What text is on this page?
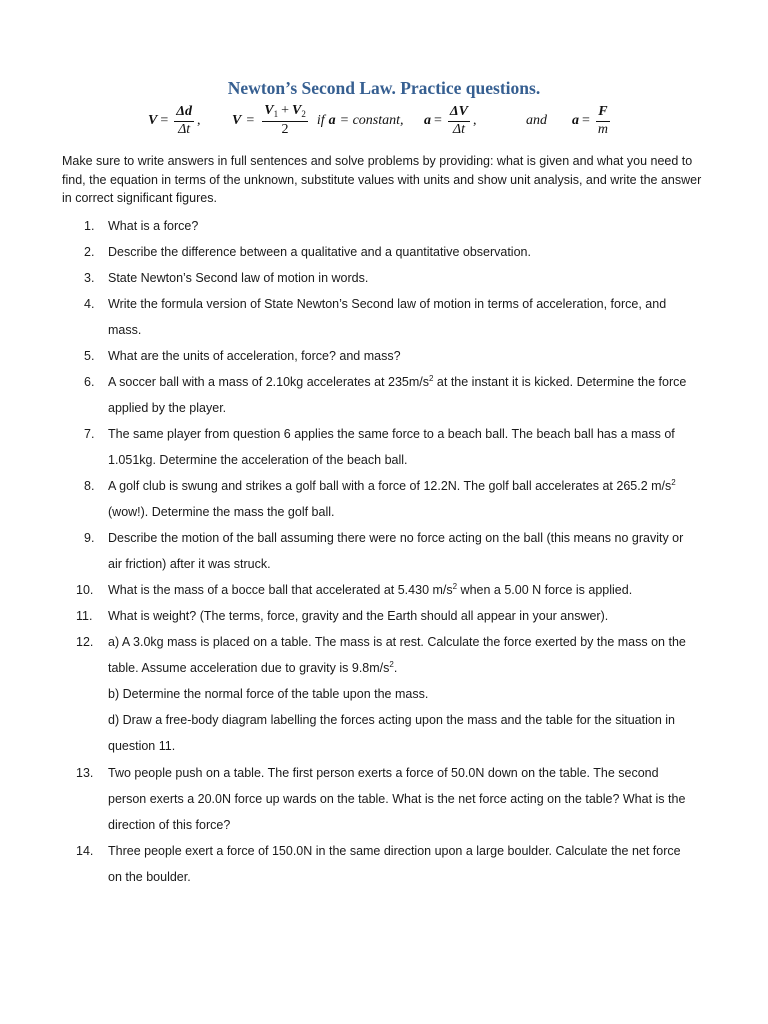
Newton’s Second Law. Practice questions.
$V = \frac{\Delta d}{\Delta t}$ , $V = \frac{V_1 + V_2}{2}$ if a = constant, $a = \frac{\Delta V}{\Delta t}$ ,	and $a = \frac{F}{m}$

Make sure to write answers in full sentences and solve problems by providing: what is given and what you need to find, the equation in terms of the unknown, substitute values with units and show unit analysis, and write the answer in correct significant figures.

1.	What is a force?
2.	Describe the difference between a qualitative and a quantitative observation.
3.	State Newton’s Second law of motion in words.
4.	Write the formula version of State Newton’s Second law of motion in terms of acceleration, force, and
mass.
5.	What are the units of acceleration, force? and mass?
6.	A soccer ball with a mass of 2.10kg accelerates at $235m/s^2$ at the instant it is kicked. Determine the force
applied by the player.
7.	The same player from question 6 applies the same force to a beach ball. The beach ball has a mass of
1.051kg. Determine the acceleration of the beach ball.
8.	A golf club is swung and strikes a golf ball with a force of 12.2N. The golf ball accelerates at 265.2 $m/s^2$
(wow!). Determine the mass the golf ball.
9.	Describe the motion of the ball assuming there were no force acting on the ball (this means no gravity or
air friction) after it was struck.
10. What is the mass of a bocce ball that accelerated at 5.430 $m/s^2$ when a 5.00 N force is applied.
11. What is weight? (The terms, force, gravity and the Earth should all appear in your answer).
12. a) A 3.0kg mass is placed on a table. The mass is at rest. Calculate the force exerted by the mass on the
table. Assume acceleration due to gravity is $9.8m/s^2$.
b) Determine the normal force of the table upon the mass.
d) Draw a free-body diagram labelling the forces acting upon the mass and the table for the situation in
question 11.
13. Two people push on a table. The first person exerts a force of 50.0N down on the table. The second
person exerts a 20.0N force up wards on the table. What is the net force acting on the table? What is the
direction of this force?
14. Three people exert a force of 150.0N in the same direction upon a large boulder. Calculate the net force
on the boulder.
